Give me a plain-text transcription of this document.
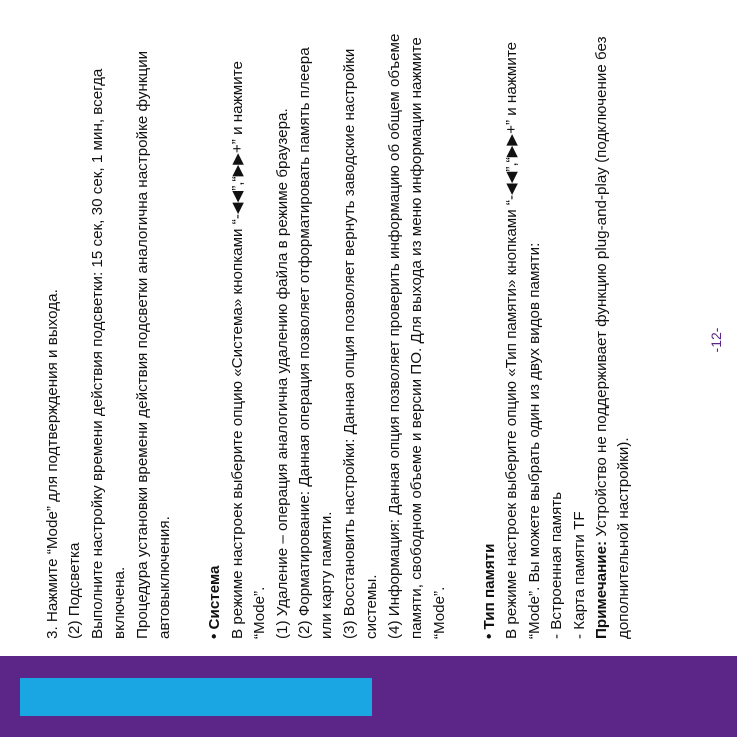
3. Нажмите “Mode” для подтверждения и выхода. (2) Подсветка Выполните настройку времени действия подсветки: 15 сек, 30 сек, 1 мин, всегда включена. Процедура установки времени действия подсветки аналогична настройке функции автовыключения. • Система В режиме настроек выберите опцию «Система» кнопками “-◀◀”,“▶▶+” и нажмите “Mode”. (1) Удаление – операция аналогична удалению файла в режиме браузера. (2) Форматирование: Данная операция позволяет отформатировать память плеера или карту памяти. (3) Восстановить настройки: Данная опция позволяет вернуть заводские настройки системы. (4) Информация: Данная опция позволяет проверить информацию об общем объеме памяти, свободном объеме и версии ПО. Для выхода из меню информации нажмите “Mode”. • Тип памяти В режиме настроек выберите опцию «Тип памяти» кнопками “-◀◀”,“▶▶+” и нажмите “Mode”. Вы можете выбрать один из двух видов памяти: - Встроенная память - Карта памяти TF Примечание: Устройство не поддерживает функцию plug-and-play (подключение без дополнительной настройки).

-12-
